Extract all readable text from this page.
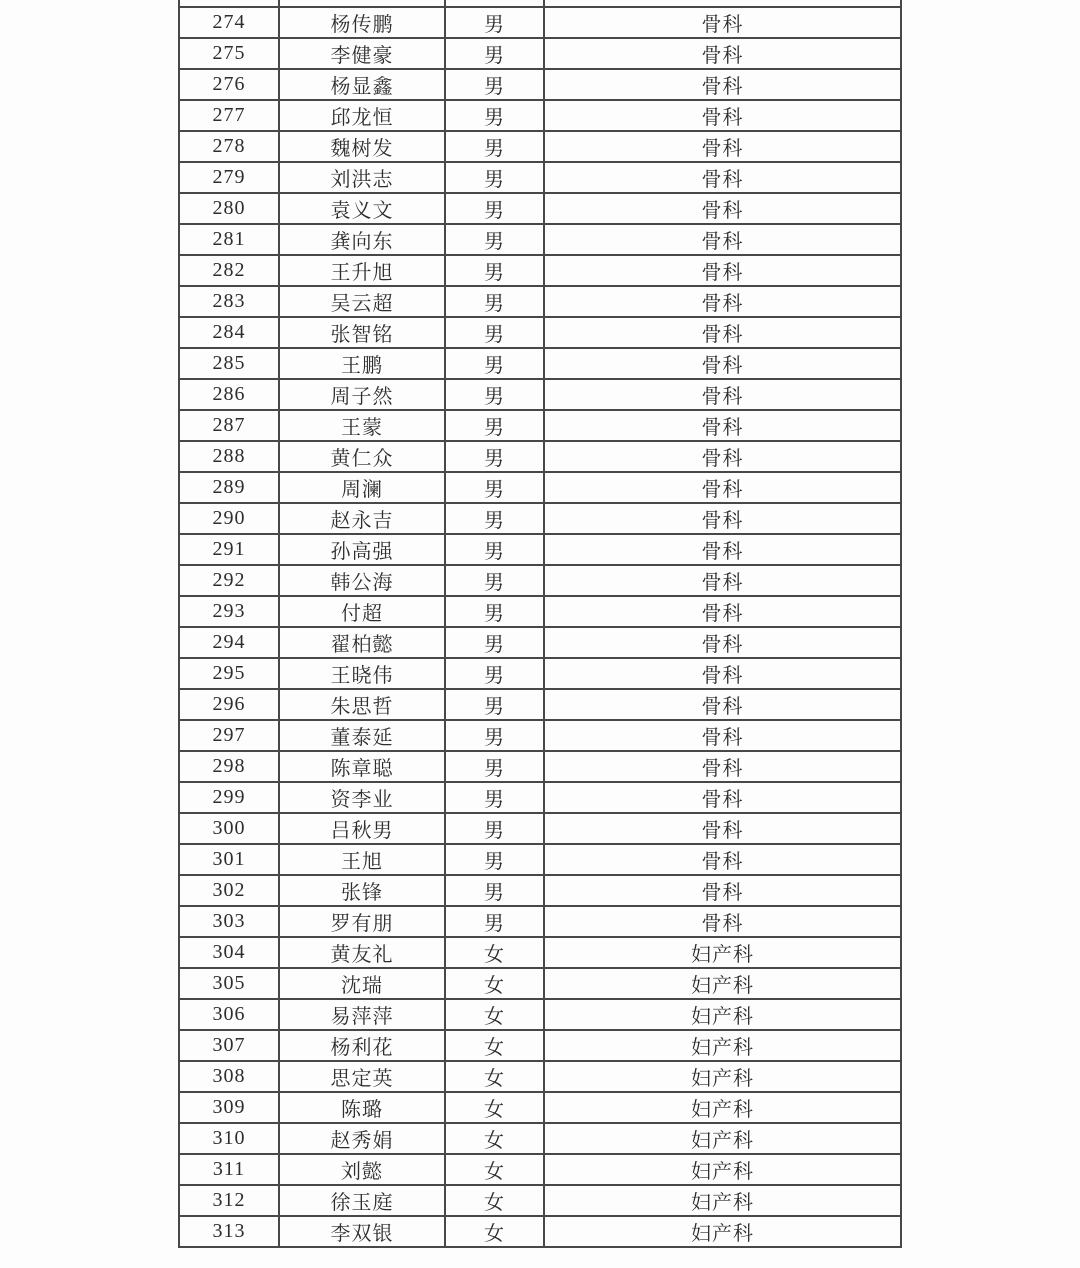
274	杨传鹏	男	骨科
275	李健豪	男	骨科
276	杨显鑫	男	骨科
277	邱龙恒	男	骨科
278	魏树发	男	骨科
279	刘洪志	男	骨科
280	袁义文	男	骨科
281	龚向东	男	骨科
282	王升旭	男	骨科
283	吴云超	男	骨科
284	张智铭	男	骨科
285	王鹏	男	骨科
286	周子然	男	骨科
287	王蒙	男	骨科
288	黄仁众	男	骨科
289	周澜	男	骨科
290	赵永吉	男	骨科
291	孙高强	男	骨科
292	韩公海	男	骨科
293	付超	男	骨科
294	翟柏懿	男	骨科
295	王晓伟	男	骨科
296	朱思哲	男	骨科
297	董泰延	男	骨科
298	陈章聪	男	骨科
299	资李业	男	骨科
300	吕秋男	男	骨科
301	王旭	男	骨科
302	张锋	男	骨科
303	罗有朋	男	骨科
304	黄友礼	女	妇产科
305	沈瑞	女	妇产科
306	易萍萍	女	妇产科
307	杨利花	女	妇产科
308	思定英	女	妇产科
309	陈璐	女	妇产科
310	赵秀娟	女	妇产科
311	刘懿	女	妇产科
312	徐玉庭	女	妇产科
313	李双银	女	妇产科
